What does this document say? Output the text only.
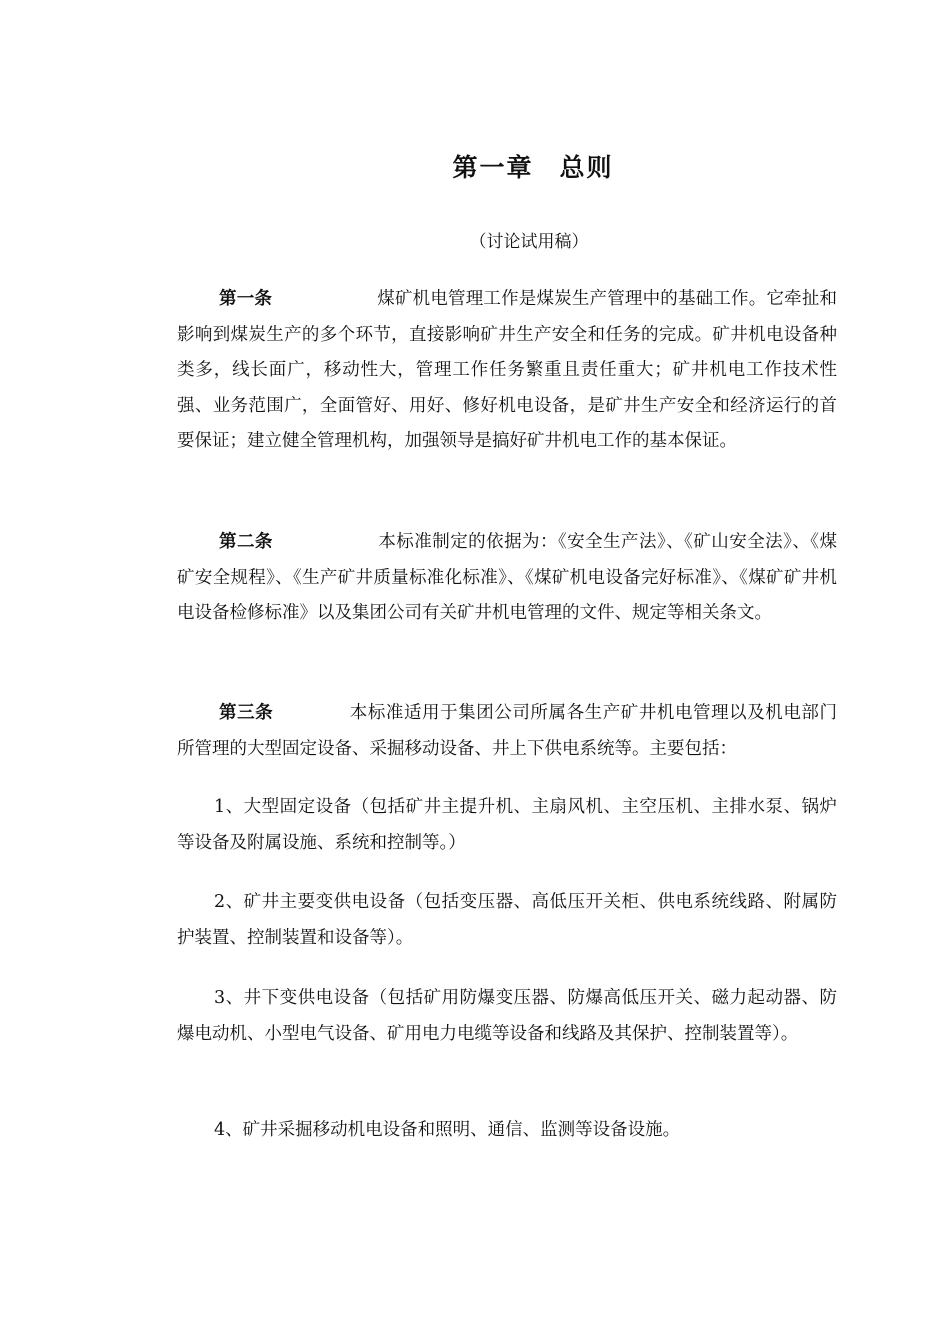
第一章 总则
（讨论试用稿）
第一条	煤矿机电管理工作是煤炭生产管理中的基础工作。它牵扯和影响到煤炭生产的多个环节，直接影响矿井生产安全和任务的完成。矿井机电设备种类多，线长面广，移动性大，管理工作任务繁重且责任重大；矿井机电工作技术性强、业务范围广，全面管好、用好、修好机电设备，是矿井生产安全和经济运行的首要保证；建立健全管理机构，加强领导是搞好矿井机电工作的基本保证。
第二条	本标准制定的依据为：《安全生产法》、《矿山安全法》、《煤矿安全规程》、《生产矿井质量标准化标准》、《煤矿机电设备完好标准》、《煤矿矿井机电设备检修标准》以及集团公司有关矿井机电管理的文件、规定等相关条文。
第三条	本标准适用于集团公司所属各生产矿井机电管理以及机电部门所管理的大型固定设备、采掘移动设备、井上下供电系统等。主要包括：
1、大型固定设备（包括矿井主提升机、主扇风机、主空压机、主排水泵、锅炉等设备及附属设施、系统和控制等。）
2、矿井主要变供电设备（包括变压器、高低压开关柜、供电系统线路、附属防护装置、控制装置和设备等）。
3、井下变供电设备（包括矿用防爆变压器、防爆高低压开关、磁力起动器、防爆电动机、小型电气设备、矿用电力电缆等设备和线路及其保护、控制装置等）。
4、矿井采掘移动机电设备和照明、通信、监测等设备设施。
